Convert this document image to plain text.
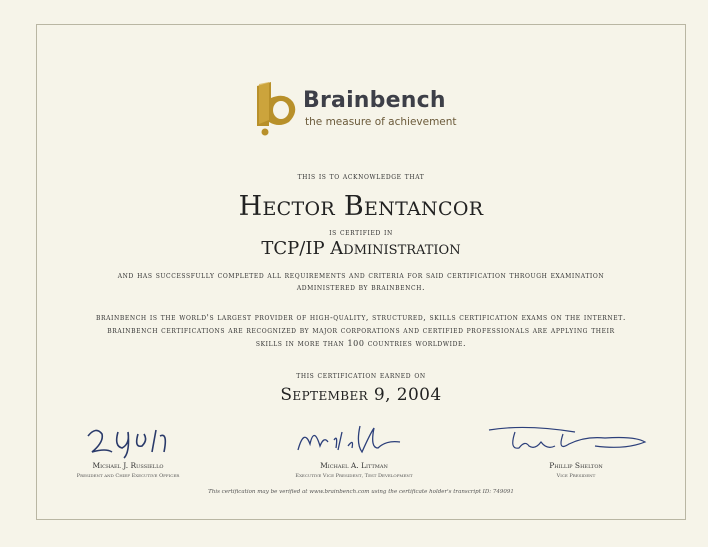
Brainbench
the measure of achievement
this is to acknowledge that
Hector Bentancor
is certified in
TCP/IP Administration
and has successfully completed all requirements and criteria for said certification through examination
administered by brainbench.
brainbench is the world's largest provider of high-quality, structured, skills certification exams on the internet.
brainbench certifications are recognized by major corporations and certified professionals are applying their
skills in more than 100 countries worldwide.
this certification earned on
September 9, 2004
Michael J. Russiello
President and Chief Executive Officer
Michael A. Littman
Executive Vice President, Test Development
Phillip Shelton
Vice President
This certification may be verified at www.brainbench.com using the certificate holder's transcript ID: 749091
